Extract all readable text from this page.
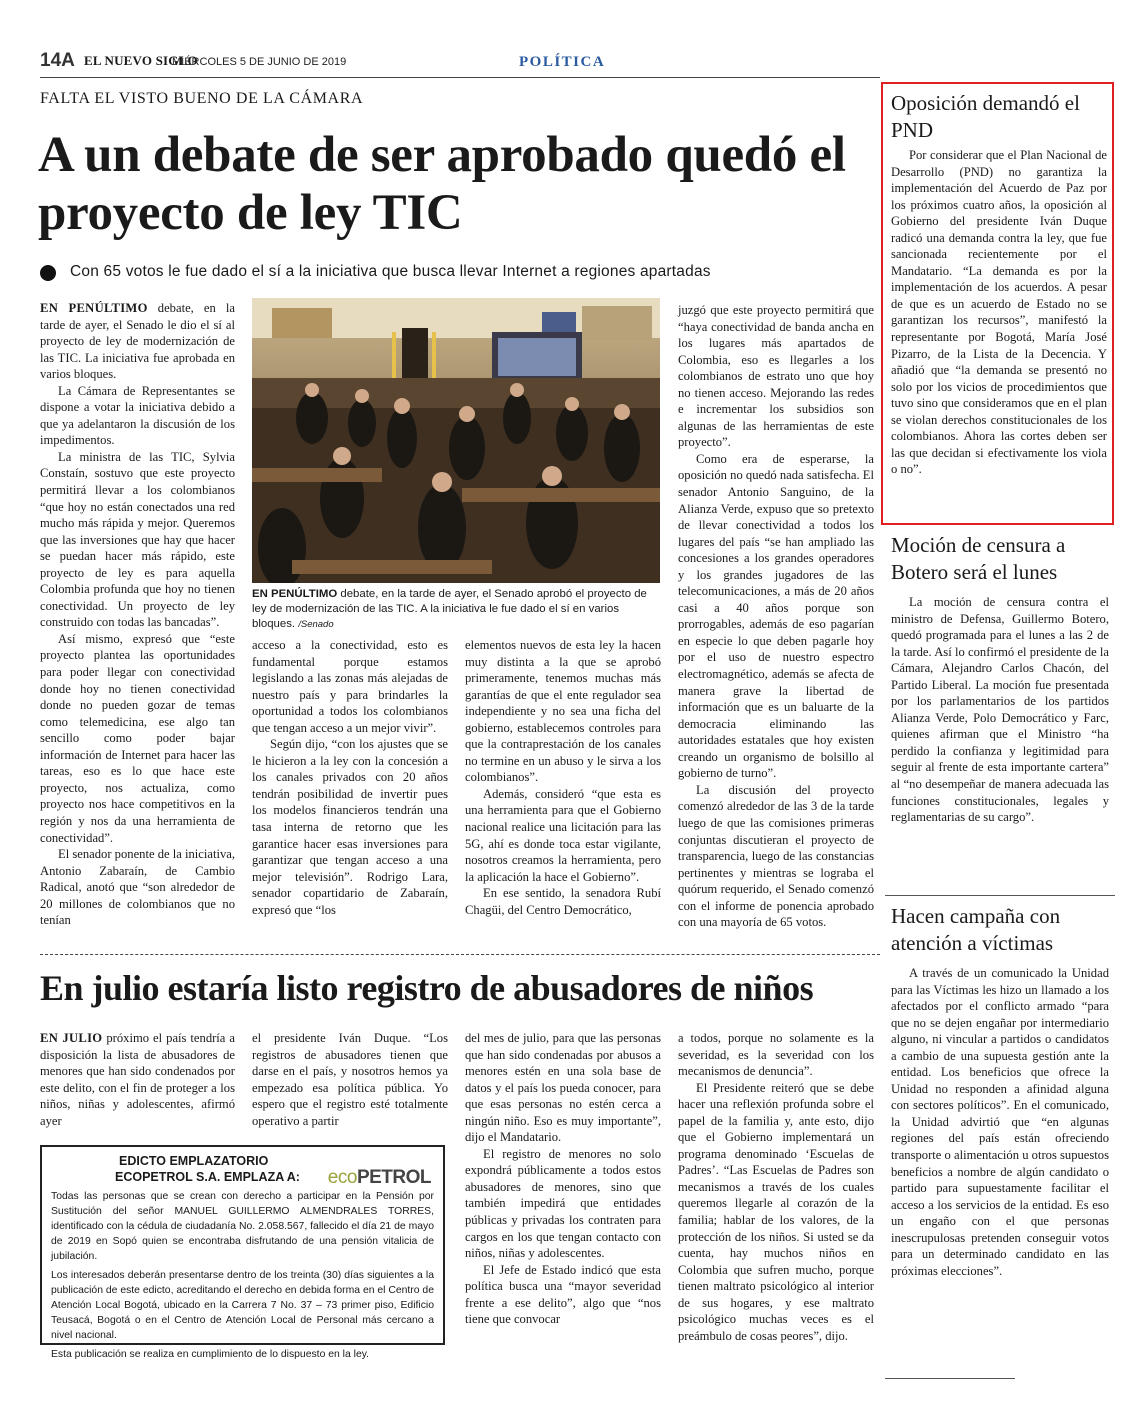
14A EL NUEVO SIGLO
MIÉRCOLES 5 DE JUNIO DE 2019	POLÍTICA
FALTA EL VISTO BUENO DE LA CÁMARA
A un debate de ser aprobado quedó el proyecto de ley TIC
Con 65 votos le fue dado el sí a la iniciativa que busca llevar Internet a regiones apartadas

EN PENÚLTIMO debate, en la tarde de ayer, el Senado le dio el sí al proyecto de ley de modernización de las TIC. La iniciativa fue aprobada en varios bloques.

La Cámara de Representantes se dispone a votar la iniciativa debido a que ya adelantaron la discusión de los impedimentos.

La ministra de las TIC, Sylvia Constaín, sostuvo que este proyecto permitirá llevar a los colombianos “que hoy no están conectados una red mucho más rápida y mejor. Queremos que las inversiones que hay que hacer se puedan hacer más rápido, este proyecto de ley es para aquella Colombia profunda que hoy no tienen conectividad. Un proyecto de ley construido con todas las bancadas”.

Así mismo, expresó que “este proyecto plantea las oportunidades para poder llegar con conectividad donde hoy no tienen conectividad donde no pueden gozar de temas como telemedicina, ese algo tan sencillo como poder bajar información de Internet para hacer las tareas, eso es lo que hace este proyecto, nos actualiza, como proyecto nos hace competitivos en la región y nos da una herramienta de conectividad”.

El senador ponente de la iniciativa, Antonio Zabaraín, de Cambio Radical, anotó que “son alrededor de 20 millones de colombianos que no tenían

EN PENÚLTIMO debate, en la tarde de ayer, el Senado aprobó el proyecto de ley de modernización de las TIC. A la iniciativa le fue dado el sí en varios bloques. /Senado

acceso a la conectividad, esto es fundamental porque estamos legislando a las zonas más alejadas de nuestro país y para brindarles la oportunidad a todos los colombianos que tengan acceso a un mejor vivir”.

Según dijo, “con los ajustes que se le hicieron a la ley con la concesión a los canales privados con 20 años tendrán posibilidad de invertir pues los modelos financieros tendrán una tasa interna de retorno que les garantice hacer esas inversiones para garantizar que tengan acceso a una mejor televisión”. Rodrigo Lara, senador copartidario de Zabaraín, expresó que “los

elementos nuevos de esta ley la hacen muy distinta a la que se aprobó primeramente, tenemos muchas más garantías de que el ente regulador sea independiente y no sea una ficha del gobierno, establecemos controles para que la contraprestación de los canales no termine en un abuso y le sirva a los colombianos”.

Además, consideró “que esta es una herramienta para que el Gobierno nacional realice una licitación para las 5G, ahí es donde toca estar vigilante, nosotros creamos la herramienta, pero la aplicación la hace el Gobierno”.

En ese sentido, la senadora Rubí Chagüi, del Centro Democrático,

juzgó que este proyecto permitirá que “haya conectividad de banda ancha en los lugares más apartados de Colombia, eso es llegarles a los colombianos de estrato uno que hoy no tienen acceso. Mejorando las redes e incrementar los subsidios son algunas de las herramientas de este proyecto”.

Como era de esperarse, la oposición no quedó nada satisfecha. El senador Antonio Sanguino, de la Alianza Verde, expuso que so pretexto de llevar conectividad a todos los lugares del país “se han ampliado las concesiones a los grandes operadores y los grandes jugadores de las telecomunicaciones, a más de 20 años casi a 40 años porque son prorrogables, además de eso pagarían en especie lo que deben pagarle hoy por el uso de nuestro espectro electromagnético, además se afecta de manera grave la libertad de información que es un baluarte de la democracia eliminando las autoridades estatales que hoy existen creando un organismo de bolsillo al gobierno de turno”.

La discusión del proyecto comenzó alrededor de las 3 de la tarde luego de que las comisiones primeras conjuntas discutieran el proyecto de transparencia, luego de las constancias pertinentes y mientras se lograba el quórum requerido, el Senado comenzó con el informe de ponencia aprobado con una mayoría de 65 votos.

En julio estaría listo registro de abusadores de niños

EN JULIO próximo el país tendría a disposición la lista de abusadores de menores que han sido condenados por este delito, con el fin de proteger a los niños, niñas y adolescentes, afirmó ayer

el presidente Iván Duque. “Los registros de abusadores tienen que darse en el país, y nosotros hemos ya empezado esa política pública. Yo espero que el registro esté totalmente operativo a partir

del mes de julio, para que las personas que han sido condenadas por abusos a menores estén en una sola base de datos y el país los pueda conocer, para que esas personas no estén cerca a ningún niño. Eso es muy importante”, dijo el Mandatario.

El registro de menores no solo expondrá públicamente a todos estos abusadores de menores, sino que también impedirá que entidades públicas y privadas los contraten para cargos en los que tengan contacto con niños, niñas y adolescentes.

El Jefe de Estado indicó que esta política busca una “mayor severidad frente a ese delito”, algo que “nos tiene que convocar

a todos, porque no solamente es la severidad, es la severidad con los mecanismos de denuncia”.

El Presidente reiteró que se debe hacer una reflexión profunda sobre el papel de la familia y, ante esto, dijo que el Gobierno implementará un programa denominado ‘Escuelas de Padres’. “Las Escuelas de Padres son mecanismos a través de los cuales queremos llegarle al corazón de la familia; hablar de los valores, de la protección de los niños. Si usted se da cuenta, hay muchos niños en Colombia que sufren mucho, porque tienen maltrato psicológico al interior de sus hogares, y ese maltrato psicológico muchas veces es el preámbulo de cosas peores”, dijo.

EDICTO EMPLAZATORIO
ECOPETROL S.A. EMPLAZA A:	ecoPETROL

Todas las personas que se crean con derecho a participar en la Pensión por Sustitución del señor MANUEL GUILLERMO ALMENDRALES TORRES, identificado con la cédula de ciudadanía No. 2.058.567, fallecido el día 21 de mayo de 2019 en Sopó quien se encontraba disfrutando de una pensión vitalicia de jubilación.

Los interesados deberán presentarse dentro de los treinta (30) días siguientes a la publicación de este edicto, acreditando el derecho en debida forma en el Centro de Atención Local Bogotá, ubicado en la Carrera 7 No. 37 – 73 primer piso, Edificio Teusacá, Bogotá o en el Centro de Atención Local de Personal más cercano a nivel nacional.

Esta publicación se realiza en cumplimiento de lo dispuesto en la ley.

Oposición demandó el PND

Por considerar que el Plan Nacional de Desarrollo (PND) no garantiza la implementación del Acuerdo de Paz por los próximos cuatro años, la oposición al Gobierno del presidente Iván Duque radicó una demanda contra la ley, que fue sancionada recientemente por el Mandatario. “La demanda es por la implementación de los acuerdos. A pesar de que es un acuerdo de Estado no se garantizan los recursos”, manifestó la representante por Bogotá, María José Pizarro, de la Lista de la Decencia. Y añadió que “la demanda se presentó no solo por los vicios de procedimientos que tuvo sino que consideramos que en el plan se violan derechos constitucionales de los colombianos. Ahora las cortes deben ser las que decidan si efectivamente los viola o no”.

Moción de censura a Botero será el lunes

La moción de censura contra el ministro de Defensa, Guillermo Botero, quedó programada para el lunes a las 2 de la tarde. Así lo confirmó el presidente de la Cámara, Alejandro Carlos Chacón, del Partido Liberal. La moción fue presentada por los parlamentarios de los partidos Alianza Verde, Polo Democrático y Farc, quienes afirman que el Ministro “ha perdido la confianza y legitimidad para seguir al frente de esta importante cartera” al “no desempeñar de manera adecuada las funciones constitucionales, legales y reglamentarias de su cargo”.

Hacen campaña con atención a víctimas

A través de un comunicado la Unidad para las Víctimas les hizo un llamado a los afectados por el conflicto armado “para que no se dejen engañar por intermediario alguno, ni vincular a partidos o candidatos a cambio de una supuesta gestión ante la entidad. Los beneficios que ofrece la Unidad no responden a afinidad alguna con sectores políticos”. En el comunicado, la Unidad advirtió que “en algunas regiones del país están ofreciendo transporte o alimentación u otros supuestos beneficios a nombre de algún candidato o partido para supuestamente facilitar el acceso a los servicios de la entidad. Es eso un engaño con el que personas inescrupulosas pretenden conseguir votos para un determinado candidato en las próximas elecciones”.
